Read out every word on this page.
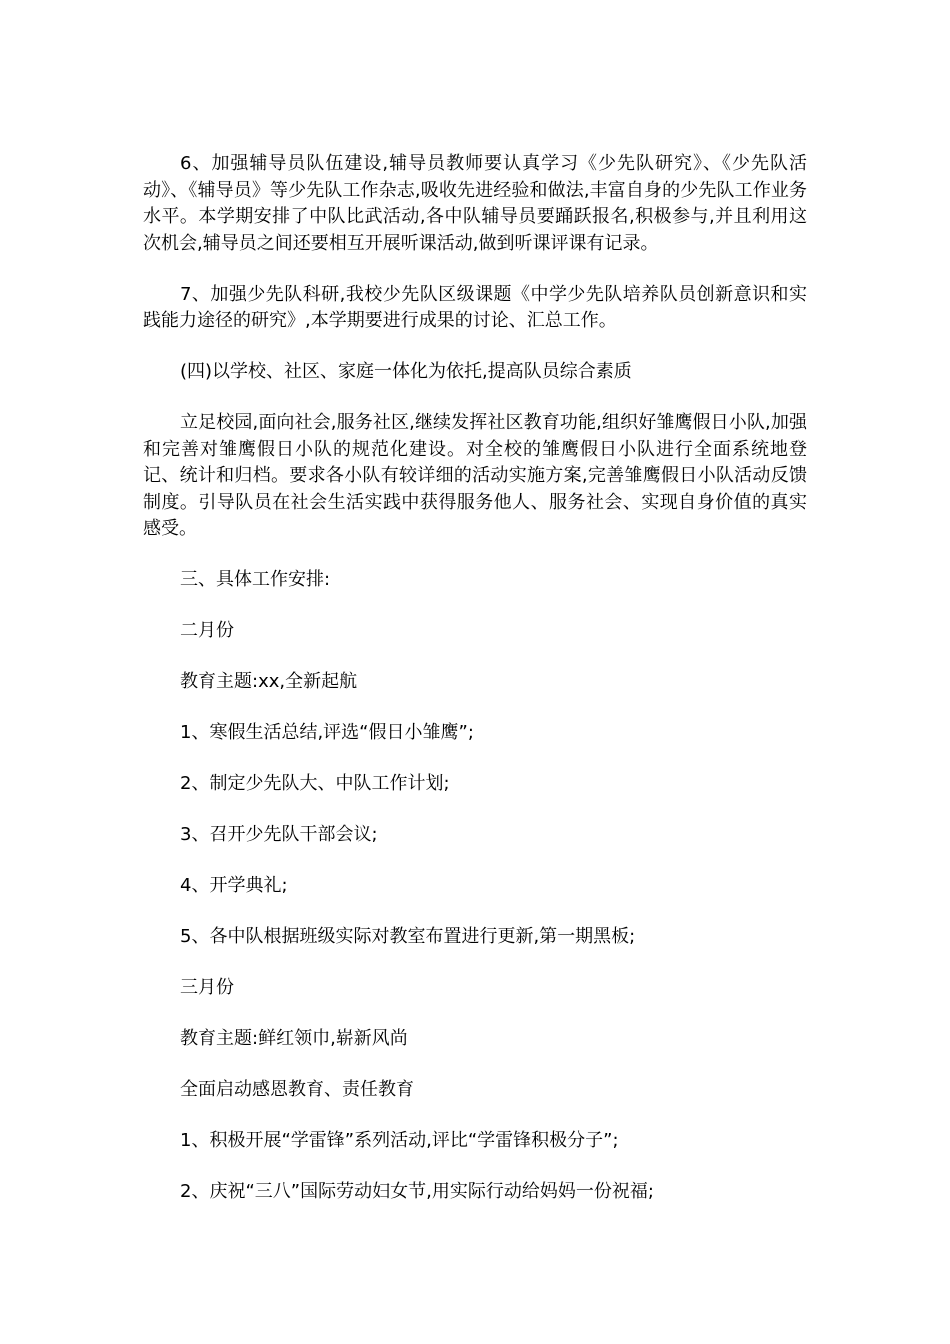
6、加强辅导员队伍建设,辅导员教师要认真学习《少先队研究》、《少先队活动》、《辅导员》等少先队工作杂志,吸收先进经验和做法,丰富自身的少先队工作业务水平。本学期安排了中队比武活动,各中队辅导员要踊跃报名,积极参与,并且利用这次机会,辅导员之间还要相互开展听课活动,做到听课评课有记录。

7、加强少先队科研,我校少先队区级课题《中学少先队培养队员创新意识和实践能力途径的研究》,本学期要进行成果的讨论、汇总工作。

(四)以学校、社区、家庭一体化为依托,提高队员综合素质

立足校园,面向社会,服务社区,继续发挥社区教育功能,组织好雏鹰假日小队,加强和完善对雏鹰假日小队的规范化建设。对全校的雏鹰假日小队进行全面系统地登记、统计和归档。要求各小队有较详细的活动实施方案,完善雏鹰假日小队活动反馈制度。引导队员在社会生活实践中获得服务他人、服务社会、实现自身价值的真实感受。

三、具体工作安排:

二月份

教育主题:xx,全新起航

1、寒假生活总结,评选“假日小雏鹰”;

2、制定少先队大、中队工作计划;

3、召开少先队干部会议;

4、开学典礼;

5、各中队根据班级实际对教室布置进行更新,第一期黑板;

三月份

教育主题:鲜红领巾,崭新风尚

全面启动感恩教育、责任教育

1、积极开展“学雷锋”系列活动,评比“学雷锋积极分子”;

2、庆祝“三八”国际劳动妇女节,用实际行动给妈妈一份祝福;
